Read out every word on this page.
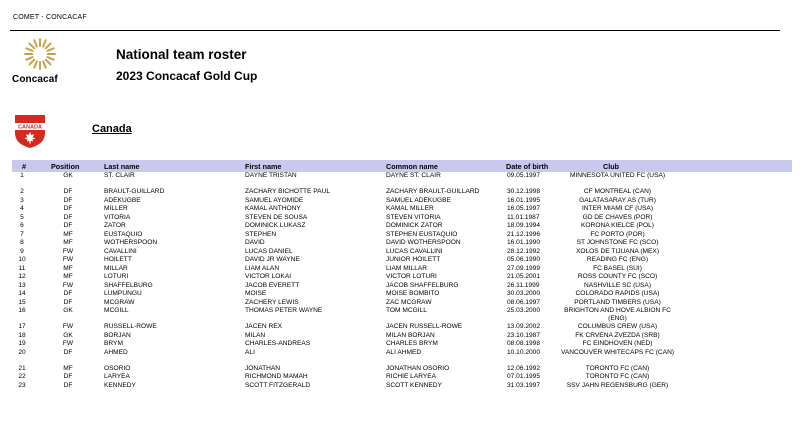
COMET - CONCACAF
Concacaf
National team roster
2023 Concacaf Gold Cup
CANADA	Canada
#	Position	Last name	First name	Common name	Date of birth	Club
1	GK	ST. CLAIR	DAYNE TRISTAN	DAYNE ST. CLAIR	09.05.1997	MINNESOTA UNITED FC (USA)
2	DF	BRAULT-GUILLARD	ZACHARY BICHOTTE PAUL	ZACHARY BRAULT-GUILLARD	30.12.1998	CF MONTREAL (CAN)
3	DF	ADEKUGBE	SAMUEL AYOMIDE	SAMUEL ADEKUGBE	16.01.1995	GALATASARAY AS (TUR)
4	DF	MILLER	KAMAL ANTHONY	KAMAL MILLER	16.05.1997	INTER MIAMI CF (USA)
5	DF	VITORIA	STEVEN DE SOUSA	STEVEN VITORIA	11.01.1987	GD DE CHAVES (POR)
6	DF	ZATOR	DOMINICK LUKASZ	DOMINICK ZATOR	18.09.1994	KORONA KIELCE (POL)
7	MF	EUSTAQUIO	STEPHEN	STEPHEN EUSTAQUIO	21.12.1996	FC PORTO (POR)
8	MF	WOTHERSPOON	DAVID	DAVID WOTHERSPOON	16.01.1990	ST JOHNSTONE FC (SCO)
9	FW	CAVALLINI	LUCAS DANIEL	LUCAS CAVALLINI	28.12.1992	XOLOS DE TIJUANA (MEX)
10	FW	HOILETT	DAVID JR WAYNE	JUNIOR HOILETT	05.06.1990	READING FC (ENG)
11	MF	MILLAR	LIAM ALAN	LIAM MILLAR	27.09.1999	FC BASEL (SUI)
12	MF	LOTURI	VICTOR LOKAI	VICTOR LOTURI	21.05.2001	ROSS COUNTY FC (SCO)
13	FW	SHAFFELBURG	JACOB EVERETT	JACOB SHAFFELBURG	26.11.1999	NASHVILLE SC (USA)
14	DF	LUMPUNGU	MOISE	MOISE BOMBITO	30.03.2000	COLORADO RAPIDS (USA)
15	DF	MCGRAW	ZACHERY LEWIS	ZAC MCGRAW	08.06.1997	PORTLAND TIMBERS (USA)
16	GK	MCGILL	THOMAS PETER WAYNE	TOM MCGILL	25.03.2000	BRIGHTON AND HOVE ALBION FC (ENG)
17	FW	RUSSELL-ROWE	JACEN REX	JACEN RUSSELL-ROWE	13.09.2002	COLUMBUS CREW (USA)
18	GK	BORJAN	MILAN	MILAN BORJAN	23.10.1987	FK CRVENA ZVEZDA (SRB)
19	FW	BRYM	CHARLES-ANDREAS	CHARLES BRYM	08.08.1998	FC EINDHOVEN (NED)
20	DF	AHMED	ALI	ALI AHMED	10.10.2000	VANCOUVER WHITECAPS FC (CAN)
21	MF	OSORIO	JONATHAN	JONATHAN OSORIO	12.06.1992	TORONTO FC (CAN)
22	DF	LARYEA	RICHMOND MAMAH	RICHIE LARYEA	07.01.1995	TORONTO FC (CAN)
23	DF	KENNEDY	SCOTT FITZGERALD	SCOTT KENNEDY	31.03.1997	SSV JAHN REGENSBURG (GER)
